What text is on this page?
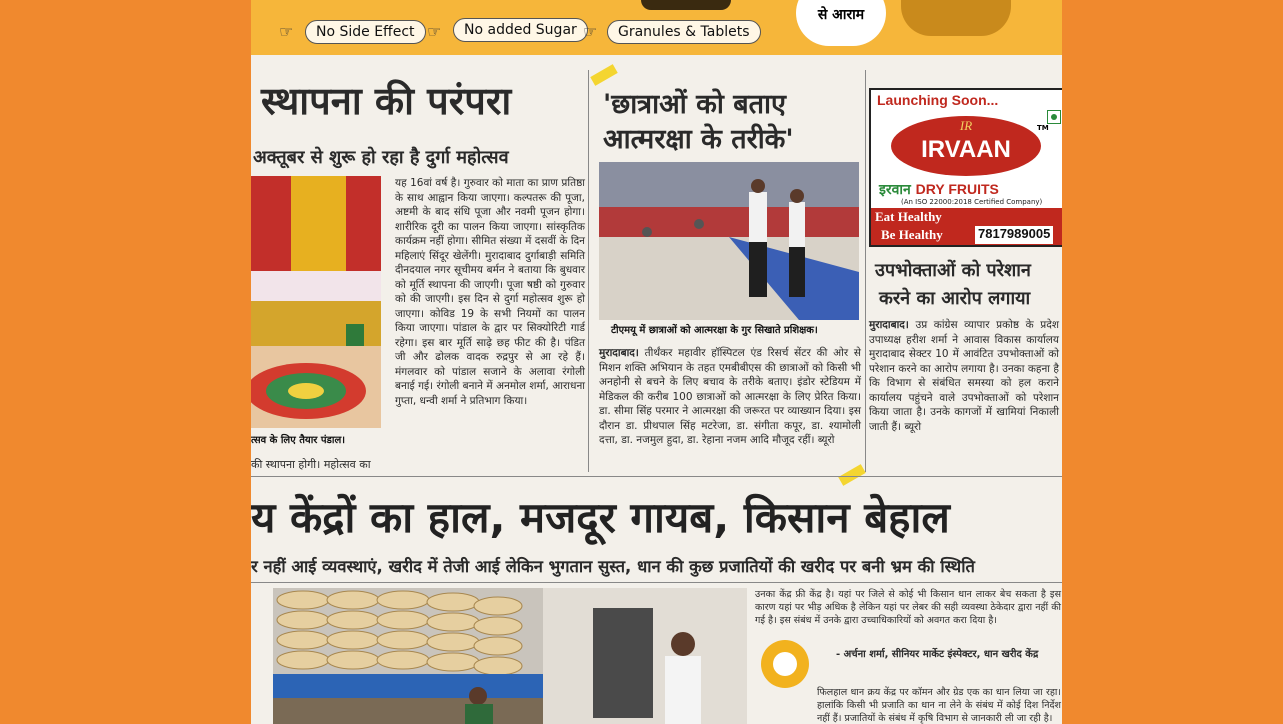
☞	No Side Effect ☞	No added Sugar ☞	Granules & Tablets
से आराम
स्थापना की परंपरा
अक्तूबर से शुरू हो रहा है दुर्गा महोत्सव
त्सव के लिए तैयार पंडाल।
की स्थापना होगी। महोत्सव का
यह 16वां वर्ष है। गुरुवार को माता का प्राण प्रतिष्ठा के साथ आह्वान किया जाएगा। कल्पतरू की पूजा, अष्टमी के बाद संधि पूजा और नवमी पूजन होगा। शारीरिक दूरी का पालन किया जाएगा। सांस्कृतिक कार्यक्रम नहीं होगा। सीमित संख्या में दसवीं के दिन महिलाएं सिंदूर खेलेंगी। मुरादाबाद दुर्गाबाड़ी समिति दीनदयाल नगर सूचीमय बर्मन ने बताया कि बुधवार को मूर्ति स्थापना की जाएगी। पूजा षष्ठी को गुरुवार को की जाएगी। इस दिन से दुर्गा महोत्सव शुरू हो जाएगा। कोविड 19 के सभी नियमों का पालन किया जाएगा। पांडाल के द्वार पर सिक्योरिटी गार्ड रहेगा। इस बार मूर्ति साढ़े छह फीट की है। पंडित जी और ढोलक वादक रुद्रपुर से आ रहे हैं। मंगलवार को पांडाल सजाने के अलावा रंगोली बनाई गई। रंगोली बनाने में अनमोल शर्मा, आराधना गुप्ता, धन्वी शर्मा ने प्रतिभाग किया।
'छात्राओं को बताए
आत्मरक्षा के तरीके'
टीएमयू में छात्राओं को आत्मरक्षा के गुर सिखाते प्रशिक्षक।
मुरादाबाद। तीर्थंकर महावीर हॉस्पिटल एंड रिसर्च सेंटर की ओर से मिशन शक्ति अभियान के तहत एमबीबीएस की छात्राओं को किसी भी अनहोनी से बचने के लिए बचाव के तरीके बताए। इंडोर स्टेडियम में मेडिकल की करीब 100 छात्राओं को आत्मरक्षा के लिए प्रेरित किया। डा. सीमा सिंह परमार ने आत्मरक्षा की जरूरत पर व्याख्यान दिया। इस दौरान डा. प्रीथपाल सिंह मटरेजा, डा. संगीता कपूर, डा. श्यामोली दत्ता, डा. नजमुल हुदा, डा. रेहाना नजम आदि मौजूद रहीं। ब्यूरो
Launching Soon...
TM
IR
IRVAAN
इरवान DRY FRUITS
(An ISO 22000:2018 Certified Company)
Eat Healthy
Be Healthy	7817989005
उपभोक्ताओं को परेशान
करने का आरोप लगाया
मुरादाबाद। उप्र कांग्रेस व्यापार प्रकोष्ठ के प्रदेश उपाध्यक्ष हरीश शर्मा ने आवास विकास कार्यालय मुरादाबाद सेक्टर 10 में आवंटित उपभोक्ताओं को परेशान करने का आरोप लगाया है। उनका कहना है कि विभाग से संबंधित समस्या को हल कराने कार्यालय पहुंचने वाले उपभोक्ताओं को परेशान किया जाता है। उनके कागजों में खामियां निकाली जाती हैं। ब्यूरो
य केंद्रों का हाल, मजदूर गायब, किसान बेहाल
र नहीं आई व्यवस्थाएं, खरीद में तेजी आई लेकिन भुगतान सुस्त, धान की कुछ प्रजातियों की खरीद पर बनी भ्रम की स्थिति
उनका केंद्र फ्री केंद्र है। यहां पर जिले से कोई भी किसान धान लाकर बेच सकता है इस कारण यहां पर भीड़ अधिक है लेकिन यहां पर लेबर की सही व्यवस्था ठेकेदार द्वारा नहीं की गई है। इस संबंध में उनके द्वारा उच्चाधिकारियों को अवगत करा दिया है।
- अर्चना शर्मा, सीनियर मार्केट इंस्पेक्टर, धान खरीद केंद्र
फिलहाल धान क्रय केंद्र पर कॉमन और ग्रेड एक का धान लिया जा रहा। हालांकि किसी भी प्रजाति का धान ना लेने के संबंध में कोई दिश निर्देश नहीं हैं। प्रजातियों के संबंध में कृषि विभाग से जानकारी ली जा रही है।
